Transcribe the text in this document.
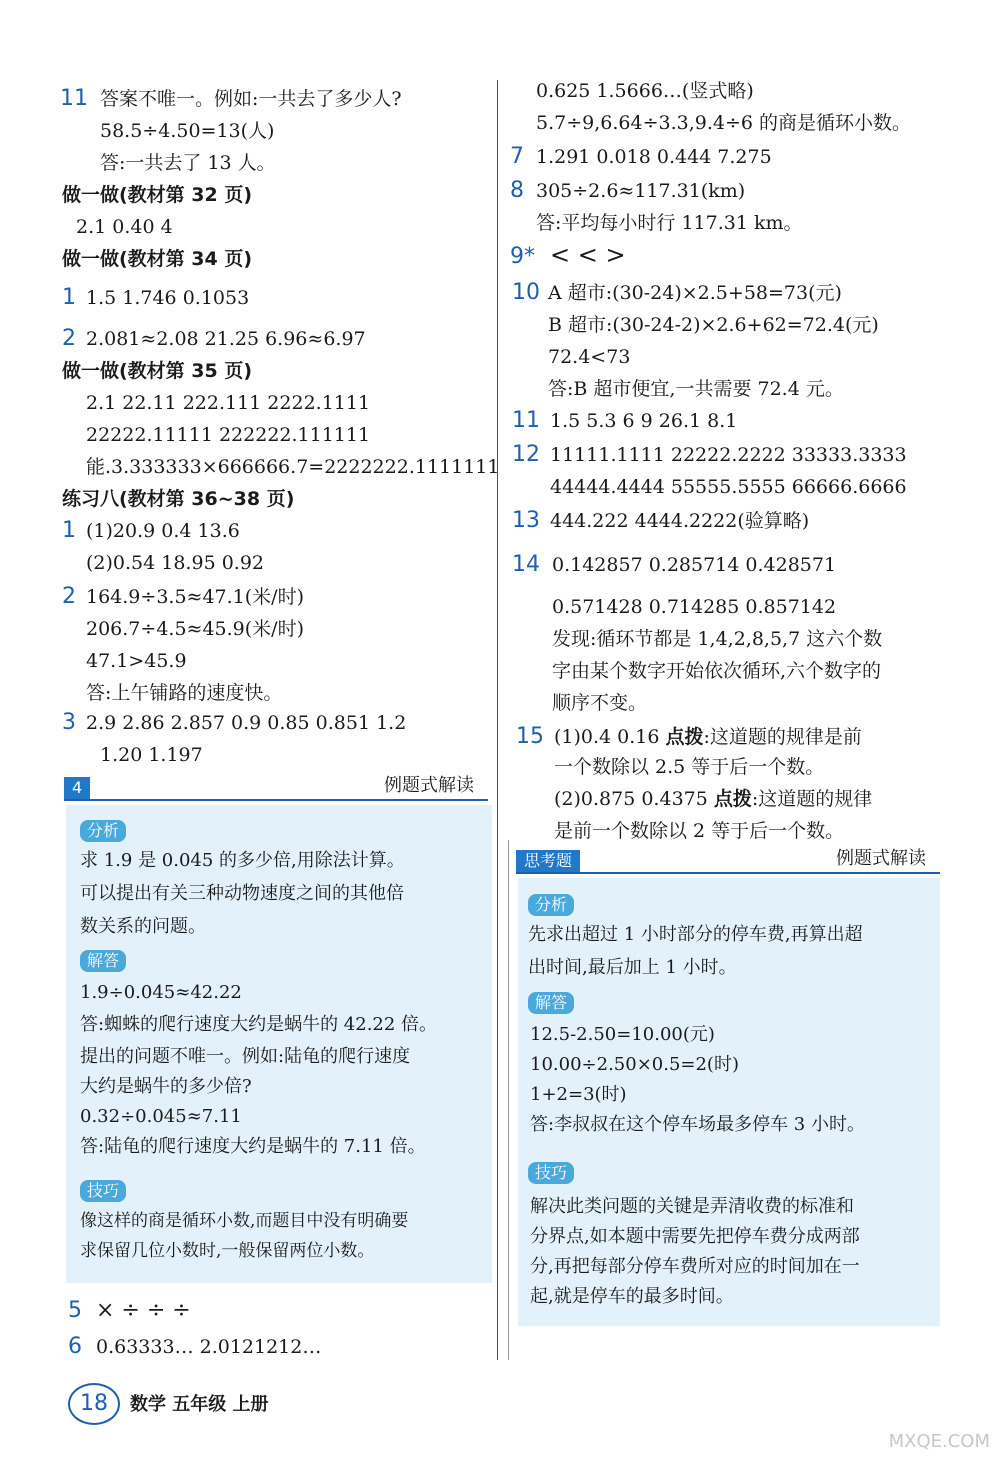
11 答案不唯一。例如:一共去了多少人?
58.5÷4.50=13(人)
答:一共去了 13 人。
做一做(教材第 32 页)
2.1 0.40 4
做一做(教材第 34 页)
1 1.5 1.746 0.1053
2 2.081≈2.08 21.25 6.96≈6.97
做一做(教材第 35 页)
2.1 22.11 222.111 2222.1111
22222.11111 222222.111111
能.3.333333×666666.7=2222222.1111111
练习八(教材第 36~38 页)
1 (1)20.9 0.4 13.6
(2)0.54 18.95 0.92
2 164.9÷3.5≈47.1(米/时)
206.7÷4.5≈45.9(米/时)
47.1>45.9
答:上午铺路的速度快。
3 2.9 2.86 2.857 0.9 0.85 0.851 1.2
1.20 1.197
4	例题式解读
分析
求 1.9 是 0.045 的多少倍,用除法计算。
可以提出有关三种动物速度之间的其他倍
数关系的问题。
解答
1.9÷0.045≈42.22
答:蜘蛛的爬行速度大约是蜗牛的 42.22 倍。
提出的问题不唯一。例如:陆龟的爬行速度
大约是蜗牛的多少倍?
0.32÷0.045≈7.11
答:陆龟的爬行速度大约是蜗牛的 7.11 倍。
技巧
像这样的商是循环小数,而题目中没有明确要
求保留几位小数时,一般保留两位小数。
5 × ÷ ÷ ÷
6 0.63333… 2.0121212…
0.625 1.5666…(竖式略)
5.7÷9,6.64÷3.3,9.4÷6 的商是循环小数。
7 1.291 0.018 0.444 7.275
8 305÷2.6≈117.31(km)
答:平均每小时行 117.31 km。
9* < < >
10 A 超市:(30-24)×2.5+58=73(元)
B 超市:(30-24-2)×2.6+62=72.4(元)
72.4<73
答:B 超市便宜,一共需要 72.4 元。
11 1.5 5.3 6 9 26.1 8.1
12 11111.1111 22222.2222 33333.3333
44444.4444 55555.5555 66666.6666
13 444.222 4444.2222(验算略)
14 0.142857 0.285714 0.428571
0.571428 0.714285 0.857142
发现:循环节都是 1,4,2,8,5,7 这六个数
字由某个数字开始依次循环,六个数字的
顺序不变。
15 (1)0.4 0.16 点拨:这道题的规律是前
一个数除以 2.5 等于后一个数。
(2)0.875 0.4375 点拨:这道题的规律
是前一个数除以 2 等于后一个数。
思考题	例题式解读
分析
先求出超过 1 小时部分的停车费,再算出超
出时间,最后加上 1 小时。
解答
12.5-2.50=10.00(元)
10.00÷2.50×0.5=2(时)
1+2=3(时)
答:李叔叔在这个停车场最多停车 3 小时。
技巧
解决此类问题的关键是弄清收费的标准和
分界点,如本题中需要先把停车费分成两部
分,再把每部分停车费所对应的时间加在一
起,就是停车的最多时间。
18	数学 五年级 上册
MXQE.COM
